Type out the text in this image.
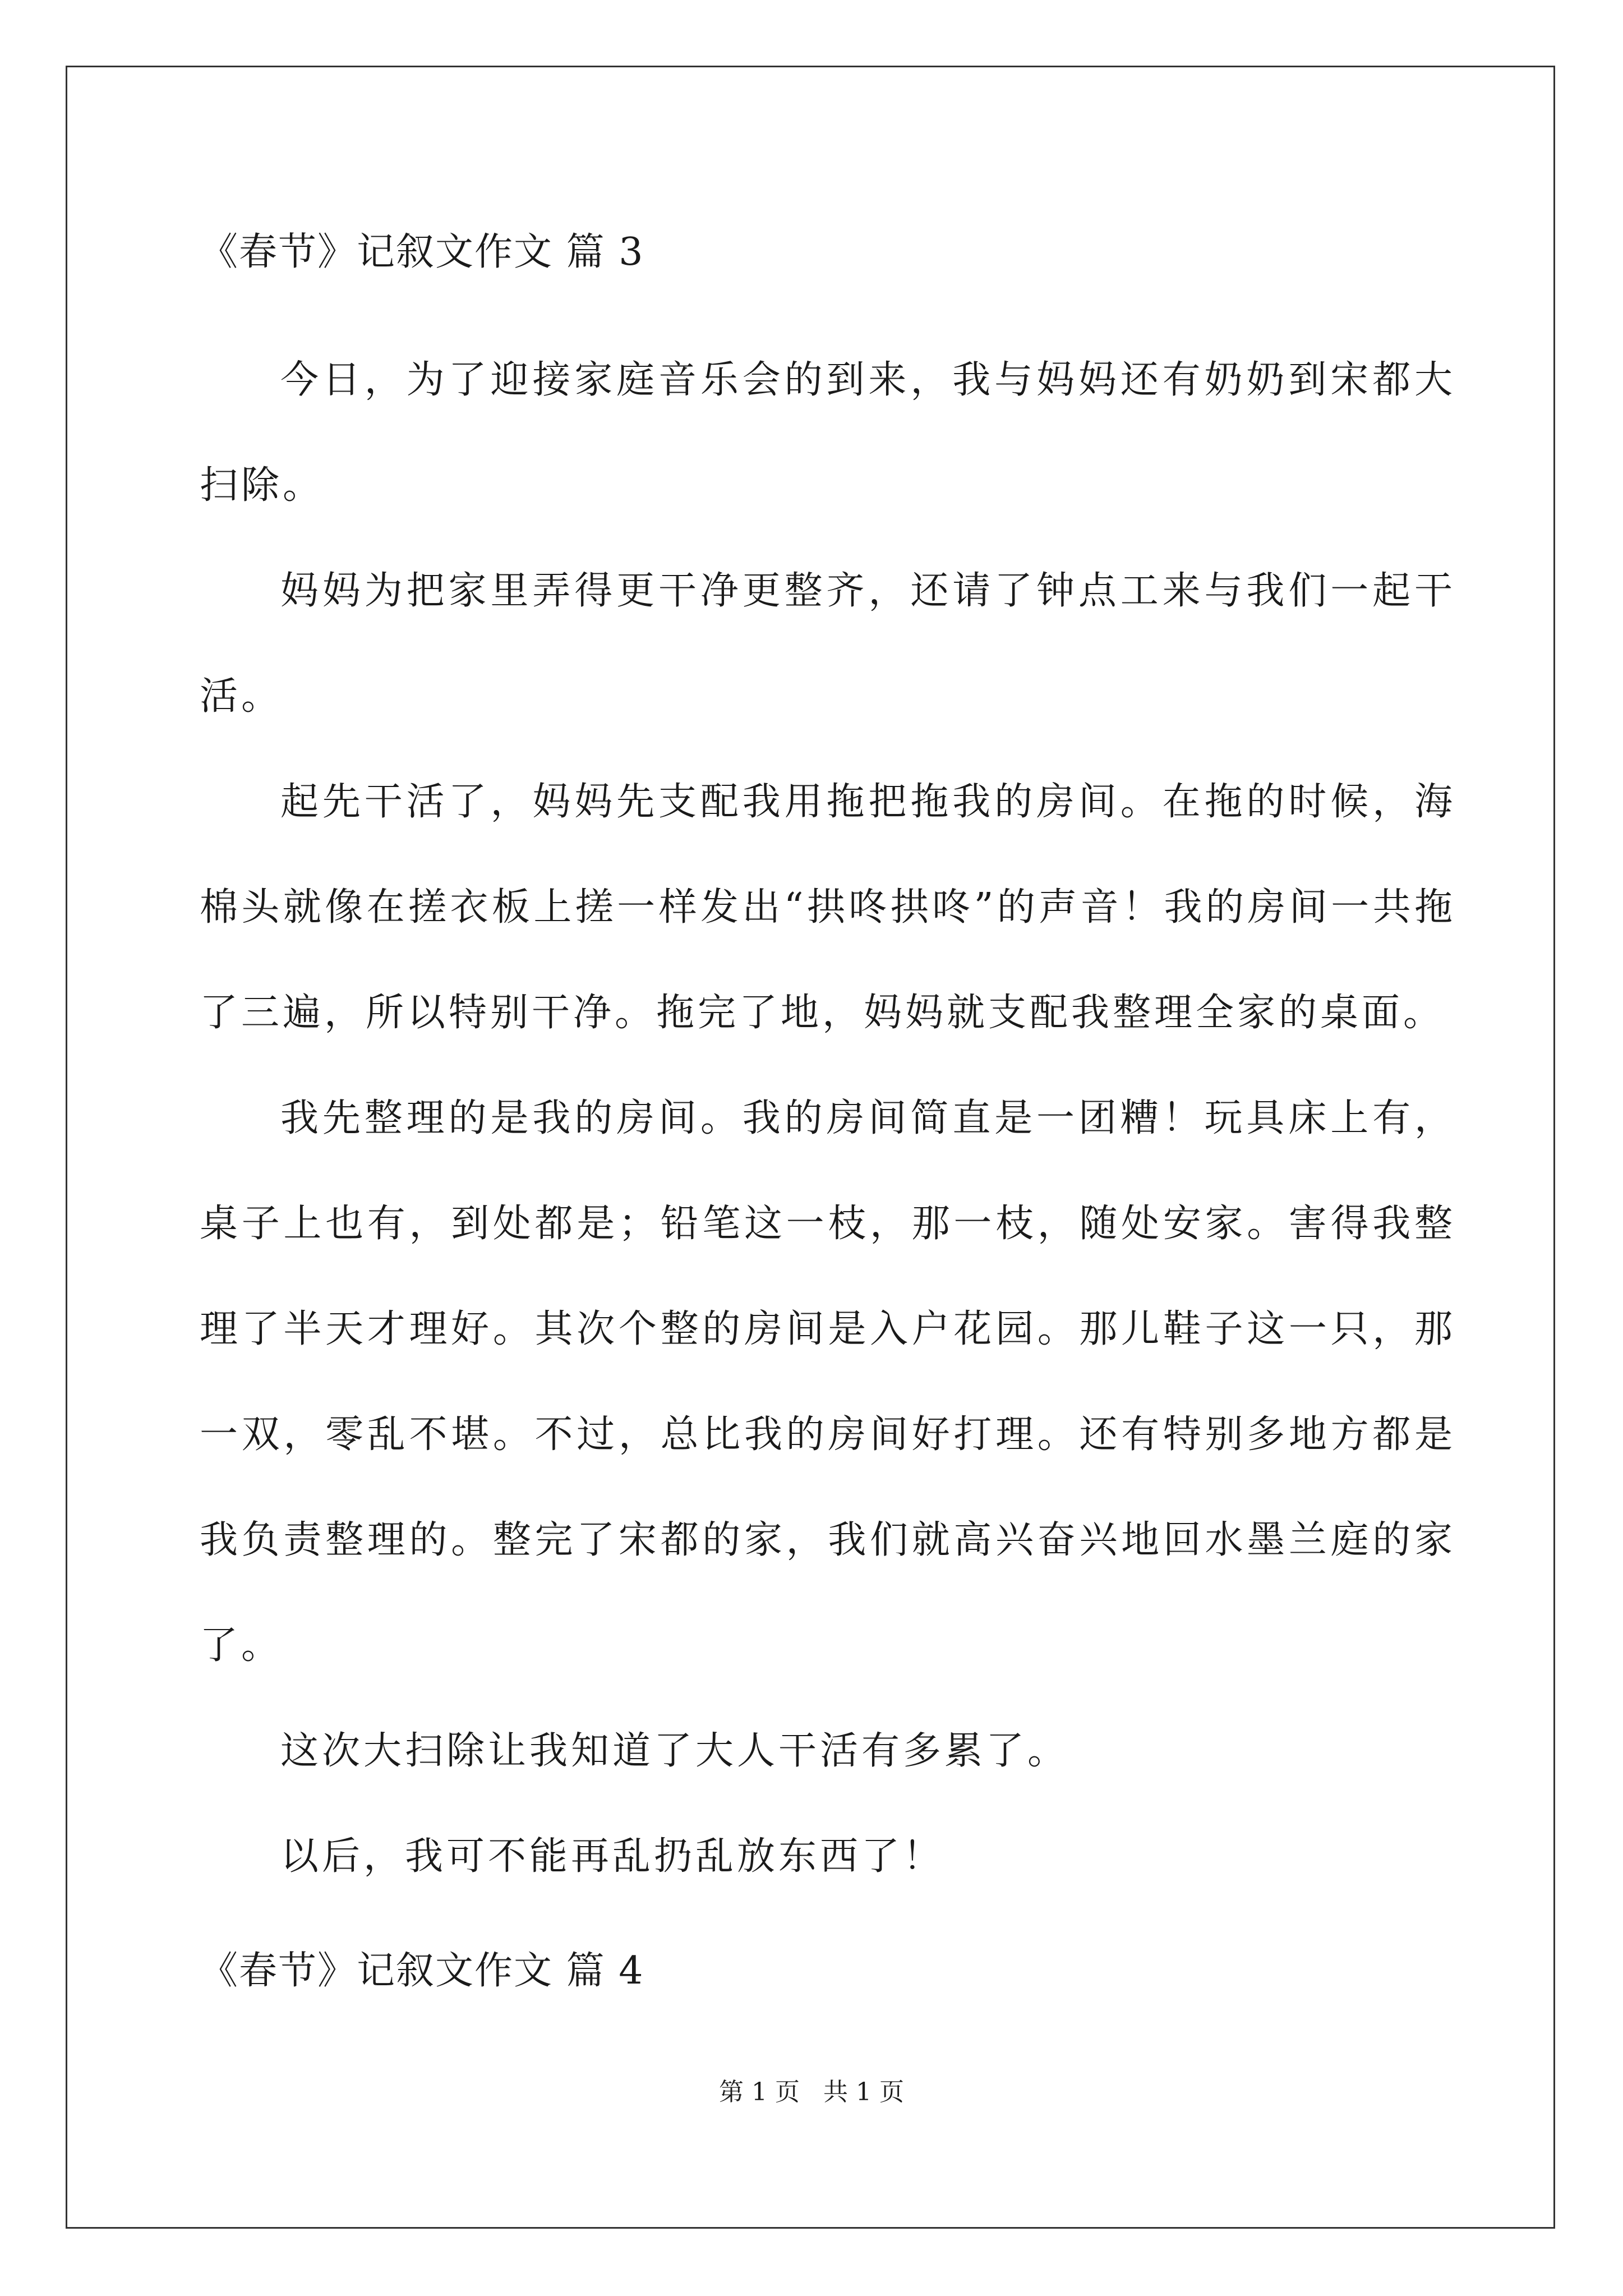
《春节》记叙文作文 篇 3

今日，为了迎接家庭音乐会的到来，我与妈妈还有奶奶到宋都大扫除。

妈妈为把家里弄得更干净更整齐，还请了钟点工来与我们一起干活。

起先干活了，妈妈先支配我用拖把拖我的房间。在拖的时候，海棉头就像在搓衣板上搓一样发出“拱咚拱咚”的声音！我的房间一共拖了三遍，所以特别干净。拖完了地，妈妈就支配我整理全家的桌面。

我先整理的是我的房间。我的房间简直是一团糟！玩具床上有，桌子上也有，到处都是；铅笔这一枝，那一枝，随处安家。害得我整理了半天才理好。其次个整的房间是入户花园。那儿鞋子这一只，那一双，零乱不堪。不过，总比我的房间好打理。还有特别多地方都是我负责整理的。整完了宋都的家，我们就高兴奋兴地回水墨兰庭的家了。

这次大扫除让我知道了大人干活有多累了。

以后，我可不能再乱扔乱放东西了！

《春节》记叙文作文 篇 4
第 1 页 共 1 页
